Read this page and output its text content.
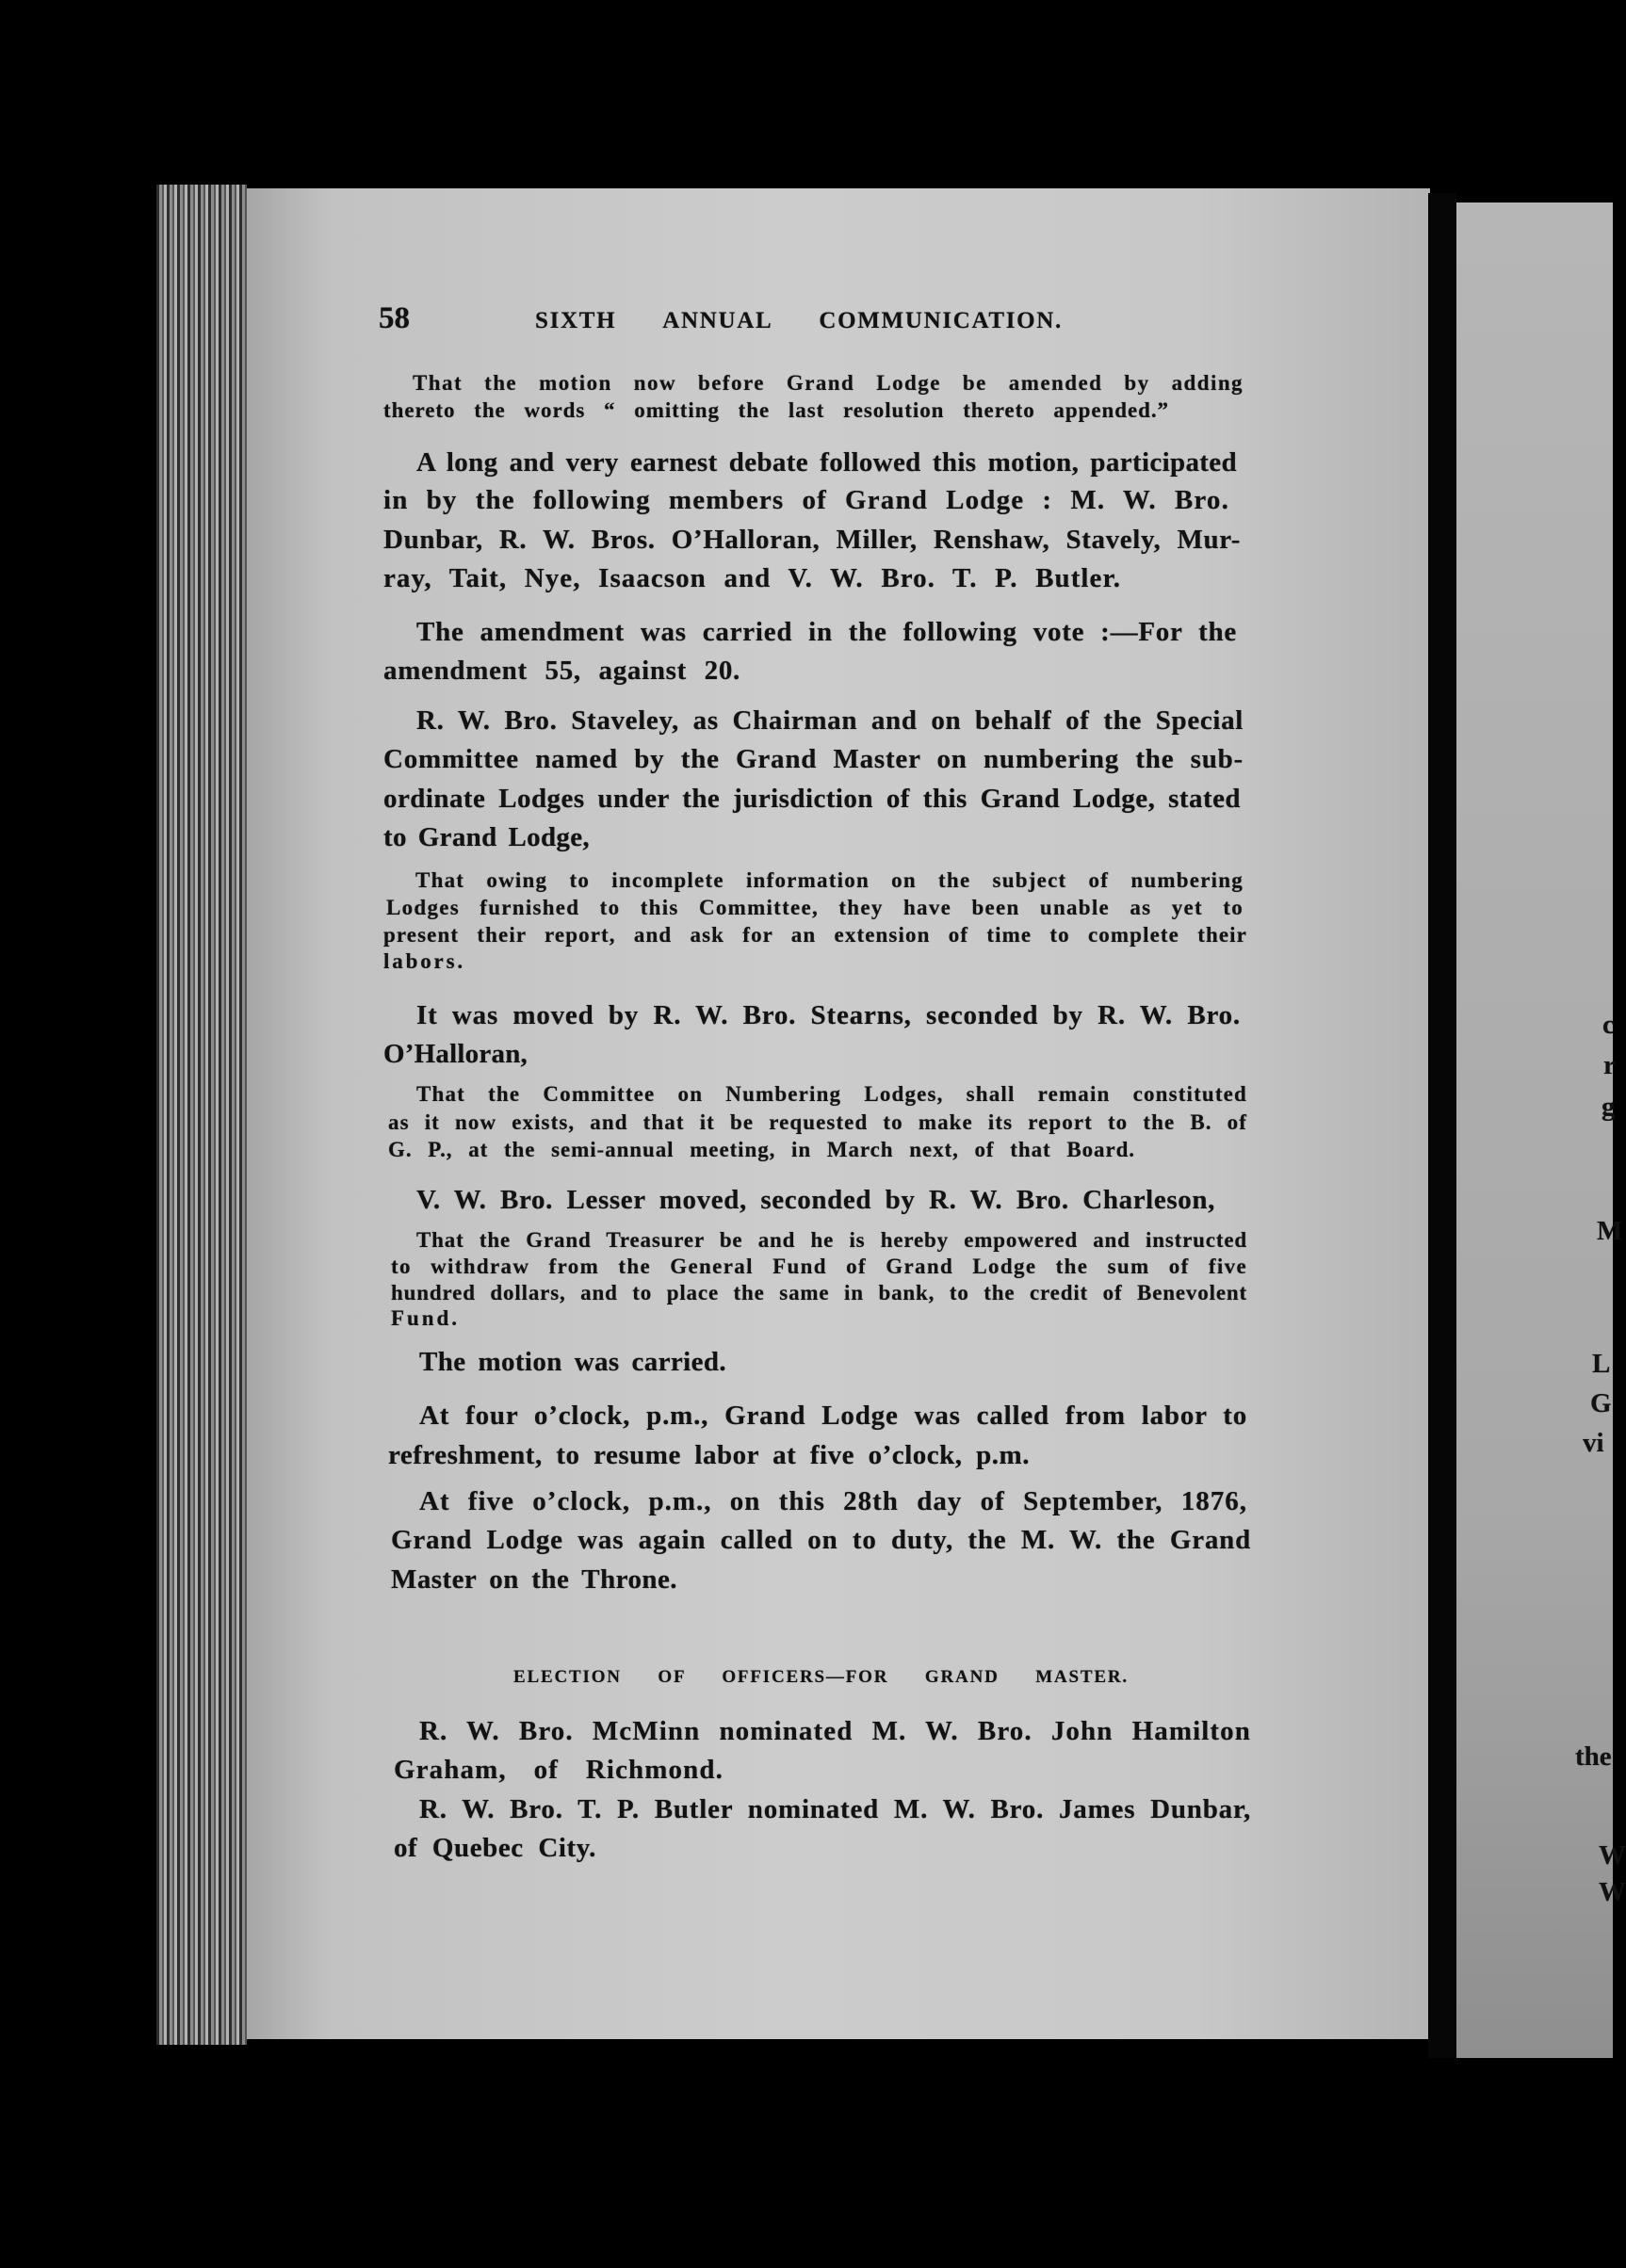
c
r
g
M
L
G
vi
the
W
W
58	SIXTH ANNUAL COMMUNICATION.
That the motion now before Grand Lodge be amended by adding
thereto the words “ omitting the last resolution thereto appended.”
A long and very earnest debate followed this motion, participated
in by the following members of Grand Lodge : M. W. Bro.
Dunbar, R. W. Bros. O’Halloran, Miller, Renshaw, Stavely, Mur-
ray, Tait, Nye, Isaacson and V. W. Bro. T. P. Butler.
The amendment was carried in the following vote :—For the
amendment 55, against 20.
R. W. Bro. Staveley, as Chairman and on behalf of the Special
Committee named by the Grand Master on numbering the sub-
ordinate Lodges under the jurisdiction of this Grand Lodge, stated
to Grand Lodge,
That owing to incomplete information on the subject of numbering
Lodges furnished to this Committee, they have been unable as yet to
present their report, and ask for an extension of time to complete their
labors.
It was moved by R. W. Bro. Stearns, seconded by R. W. Bro.
O’Halloran,
That the Committee on Numbering Lodges, shall remain constituted
as it now exists, and that it be requested to make its report to the B. of
G. P., at the semi-annual meeting, in March next, of that Board.
V. W. Bro. Lesser moved, seconded by R. W. Bro. Charleson,
That the Grand Treasurer be and he is hereby empowered and instructed
to withdraw from the General Fund of Grand Lodge the sum of five
hundred dollars, and to place the same in bank, to the credit of Benevolent
Fund.
The motion was carried.
At four o’clock, p.m., Grand Lodge was called from labor to
refreshment, to resume labor at five o’clock, p.m.
At five o’clock, p.m., on this 28th day of September, 1876,
Grand Lodge was again called on to duty, the M. W. the Grand
Master on the Throne.
ELECTION OF OFFICERS—FOR GRAND MASTER.
R. W. Bro. McMinn nominated M. W. Bro. John Hamilton
Graham, of Richmond.
R. W. Bro. T. P. Butler nominated M. W. Bro. James Dunbar,
of Quebec City.
